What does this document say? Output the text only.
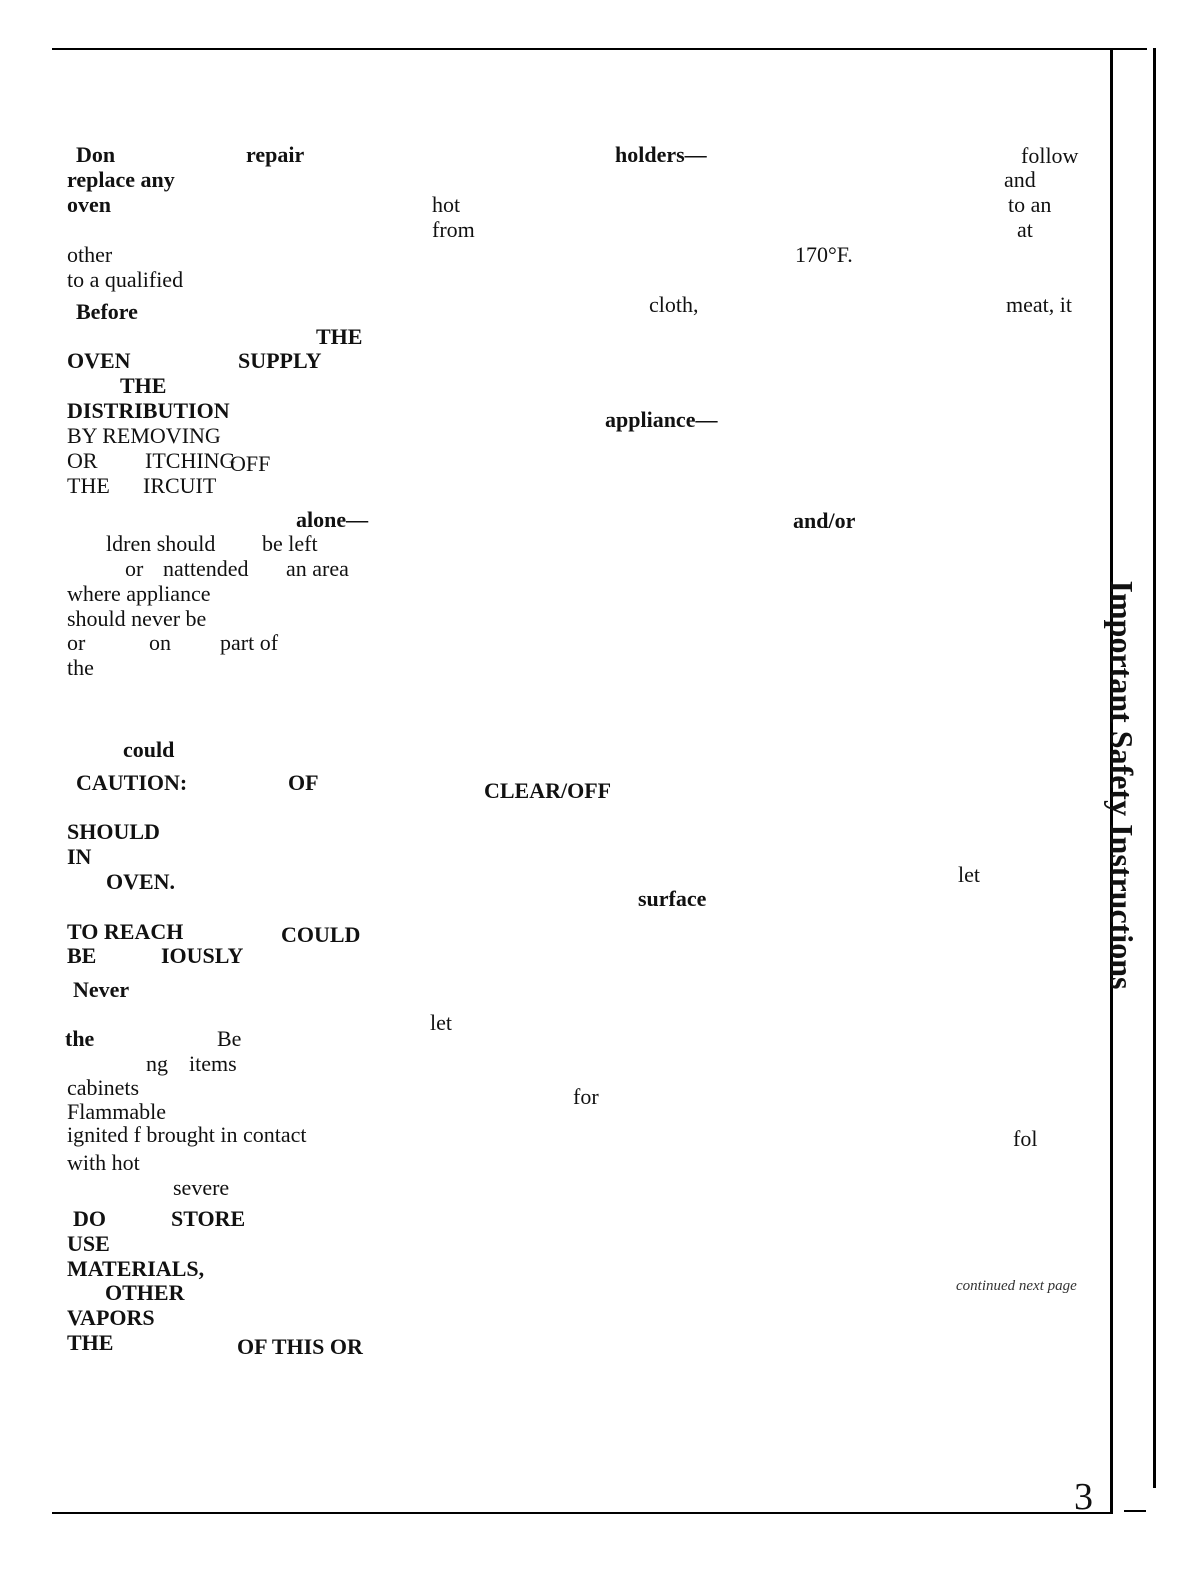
Important Safety Instructions
Don	repair
replace any
oven
other
to a qualified
Before
THE
OVEN	SUPPLY
THE
DISTRIBUTION
BY REMOVING
OR ITCHING
OFF
THE IRCUIT
alone—
ldren should be left
or nattended an area
where appliance
should never be
or	on part of
the
could
CAUTION:	OF
SHOULD
IN
OVEN.
TO REACH	COULD
BE	IOUSLY
Never
the	Be
ng items
cabinets
Flammable
ignited f brought in contact
with hot
severe
DO	STORE
USE
MATERIALS,
OTHER
VAPORS
THE	OF THIS OR
holders—
hot
from
cloth,
appliance—
CLEAR/OFF
surface
let
for
follow
and
to an
at
170°F.
meat, it
and/or
let
fol
continued next page
3
